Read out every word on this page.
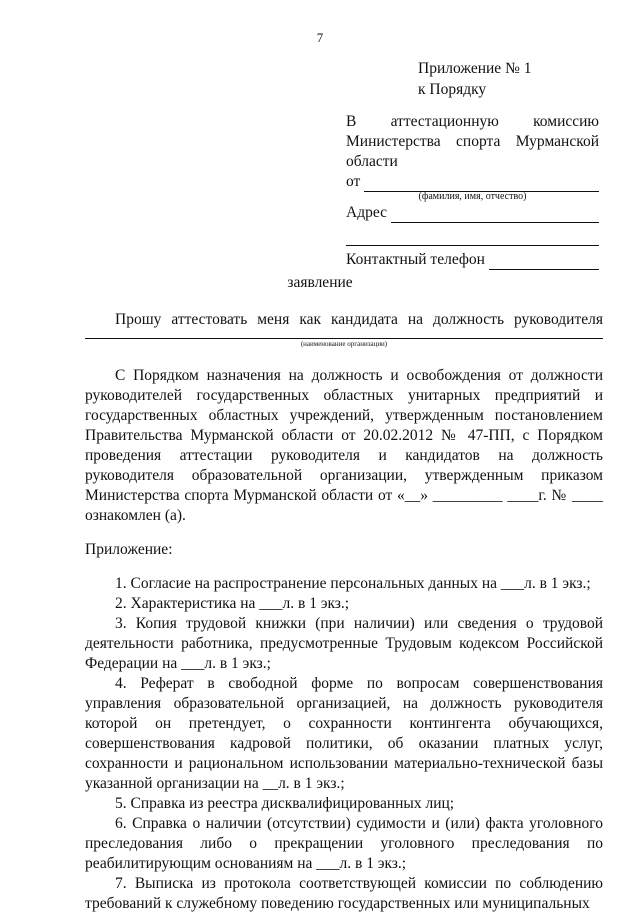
7
Приложение № 1
к Порядку
В аттестационную комиссию
Министерства спорта Мурманской
области
от
(фамилия, имя, отчество)
Адрес
Контактный телефон
заявление
Прошу аттестовать меня как кандидата на должность руководителя
(наименование организации)

С Порядком назначения на должность и освобождения от должности руководителей государственных областных унитарных предприятий и государственных областных учреждений, утвержденным постановлением Правительства Мурманской области от 20.02.2012 № 47-ПП, с Порядком проведения аттестации руководителя и кандидатов на должность руководителя образовательной организации, утвержденным приказом Министерства спорта Мурманской области от «__» _________ ____г. № ____ ознакомлен (а).

Приложение:

1. Согласие на распространение персональных данных на ___л. в 1 экз.;

2. Характеристика на ___л. в 1 экз.;

3. Копия трудовой книжки (при наличии) или сведения о трудовой деятельности работника, предусмотренные Трудовым кодексом Российской Федерации на ___л. в 1 экз.;

4. Реферат в свободной форме по вопросам совершенствования управления образовательной организацией, на должность руководителя которой он претендует, о сохранности контингента обучающихся, совершенствования кадровой политики, об оказании платных услуг, сохранности и рациональном использовании материально-технической базы указанной организации на __л. в 1 экз.;

5. Справка из реестра дисквалифицированных лиц;

6. Справка о наличии (отсутствии) судимости и (или) факта уголовного преследования либо о прекращении уголовного преследования по реабилитирующим основаниям на ___л. в 1 экз.;

7. Выписка из протокола соответствующей комиссии по соблюдению требований к служебному поведению государственных или муниципальных
